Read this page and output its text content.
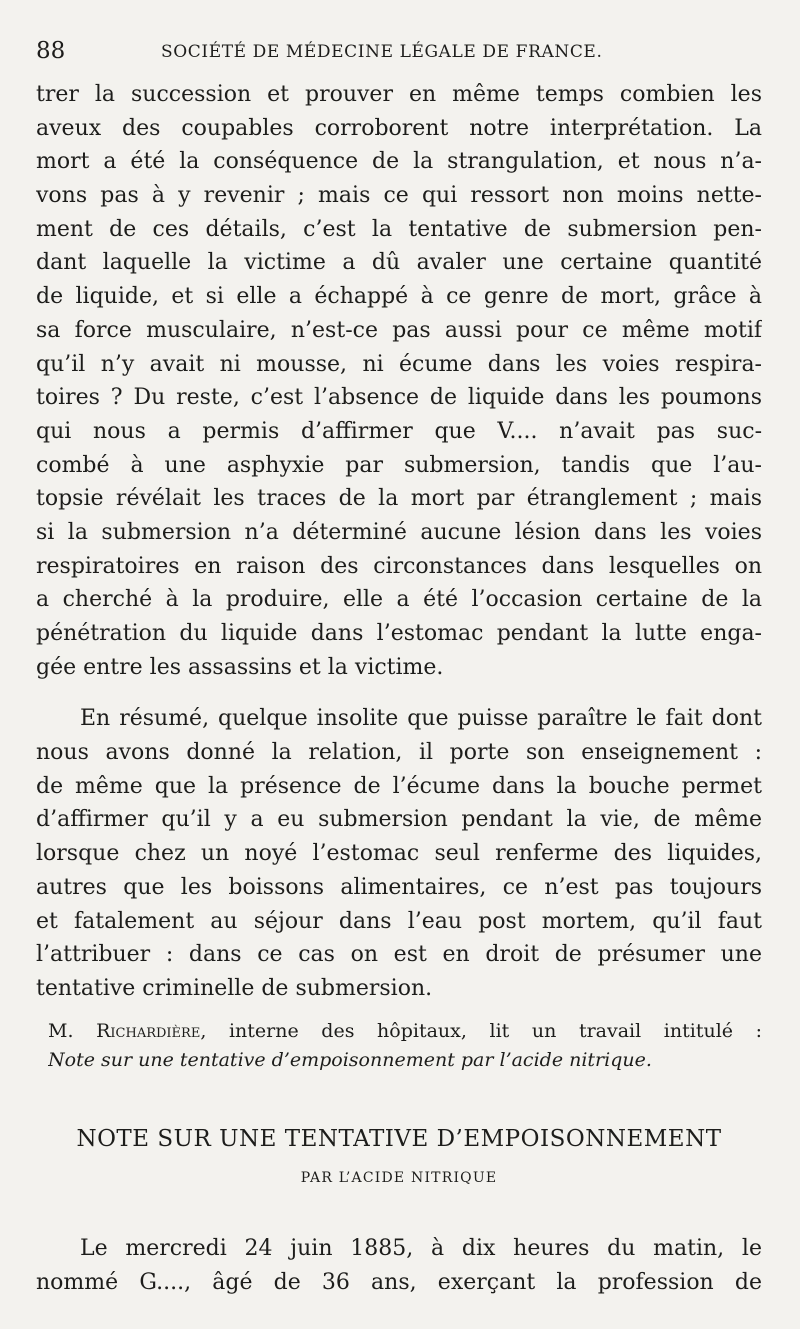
88	SOCIÉTÉ DE MÉDECINE LÉGALE DE FRANCE.
trer la succession et prouver en même temps combien les
aveux des coupables corroborent notre interprétation. La
mort a été la conséquence de la strangulation, et nous n’a-
vons pas à y revenir ; mais ce qui ressort non moins nette-
ment de ces détails, c’est la tentative de submersion pen-
dant laquelle la victime a dû avaler une certaine quantité
de liquide, et si elle a échappé à ce genre de mort, grâce à
sa force musculaire, n’est-ce pas aussi pour ce même motif
qu’il n’y avait ni mousse, ni écume dans les voies respira-
toires ? Du reste, c’est l’absence de liquide dans les poumons
qui nous a permis d’affirmer que V.... n’avait pas suc-
combé à une asphyxie par submersion, tandis que l’au-
topsie révélait les traces de la mort par étranglement ; mais
si la submersion n’a déterminé aucune lésion dans les voies
respiratoires en raison des circonstances dans lesquelles on
a cherché à la produire, elle a été l’occasion certaine de la
pénétration du liquide dans l’estomac pendant la lutte enga-
gée entre les assassins et la victime.
En résumé, quelque insolite que puisse paraître le fait dont
nous avons donné la relation, il porte son enseignement :
de même que la présence de l’écume dans la bouche permet
d’affirmer qu’il y a eu submersion pendant la vie, de même
lorsque chez un noyé l’estomac seul renferme des liquides,
autres que les boissons alimentaires, ce n’est pas toujours
et fatalement au séjour dans l’eau post mortem, qu’il faut
l’attribuer : dans ce cas on est en droit de présumer une
tentative criminelle de submersion.
M. Richardière, interne des hôpitaux, lit un travail intitulé :
Note sur une tentative d’empoisonnement par l’acide nitrique.
NOTE SUR UNE TENTATIVE D’EMPOISONNEMENT
PAR L’ACIDE NITRIQUE
Le mercredi 24 juin 1885, à dix heures du matin, le
nommé G...., âgé de 36 ans, exerçant la profession de
